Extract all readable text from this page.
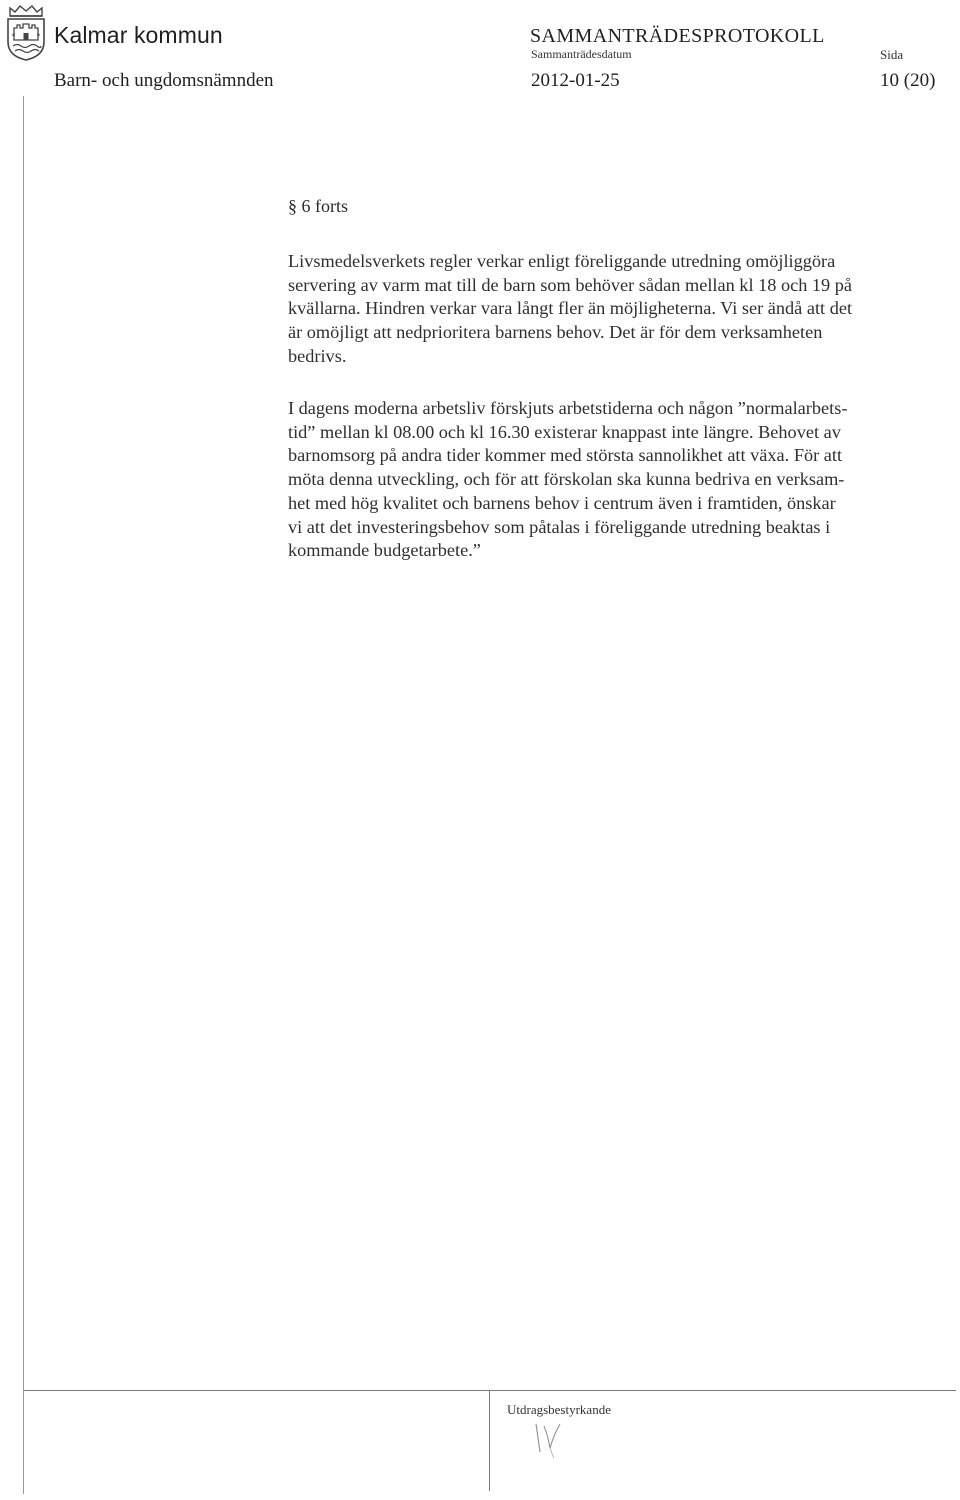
✶	✶ Kalmar kommun	SAMMANTRÄDESPROTOKOLL
Sammanträdesdatum	Sida
Barn- och ungdomsnämnden	2012-01-25	10 (20)
§ 6 forts

Livsmedelsverkets regler verkar enligt föreliggande utredning omöjliggöra
servering av varm mat till de barn som behöver sådan mellan kl 18 och 19 på
kvällarna. Hindren verkar vara långt fler än möjligheterna. Vi ser ändå att det
är omöjligt att nedprioritera barnens behov. Det är för dem verksamheten
bedrivs.

I dagens moderna arbetsliv förskjuts arbetstiderna och någon ”normalarbets-
tid” mellan kl 08.00 och kl 16.30 existerar knappast inte längre. Behovet av
barnomsorg på andra tider kommer med största sannolikhet att växa. För att
möta denna utveckling, och för att förskolan ska kunna bedriva en verksam-
het med hög kvalitet och barnens behov i centrum även i framtiden, önskar
vi att det investeringsbehov som påtalas i föreliggande utredning beaktas i
kommande budgetarbete.”

Utdragsbestyrkande
